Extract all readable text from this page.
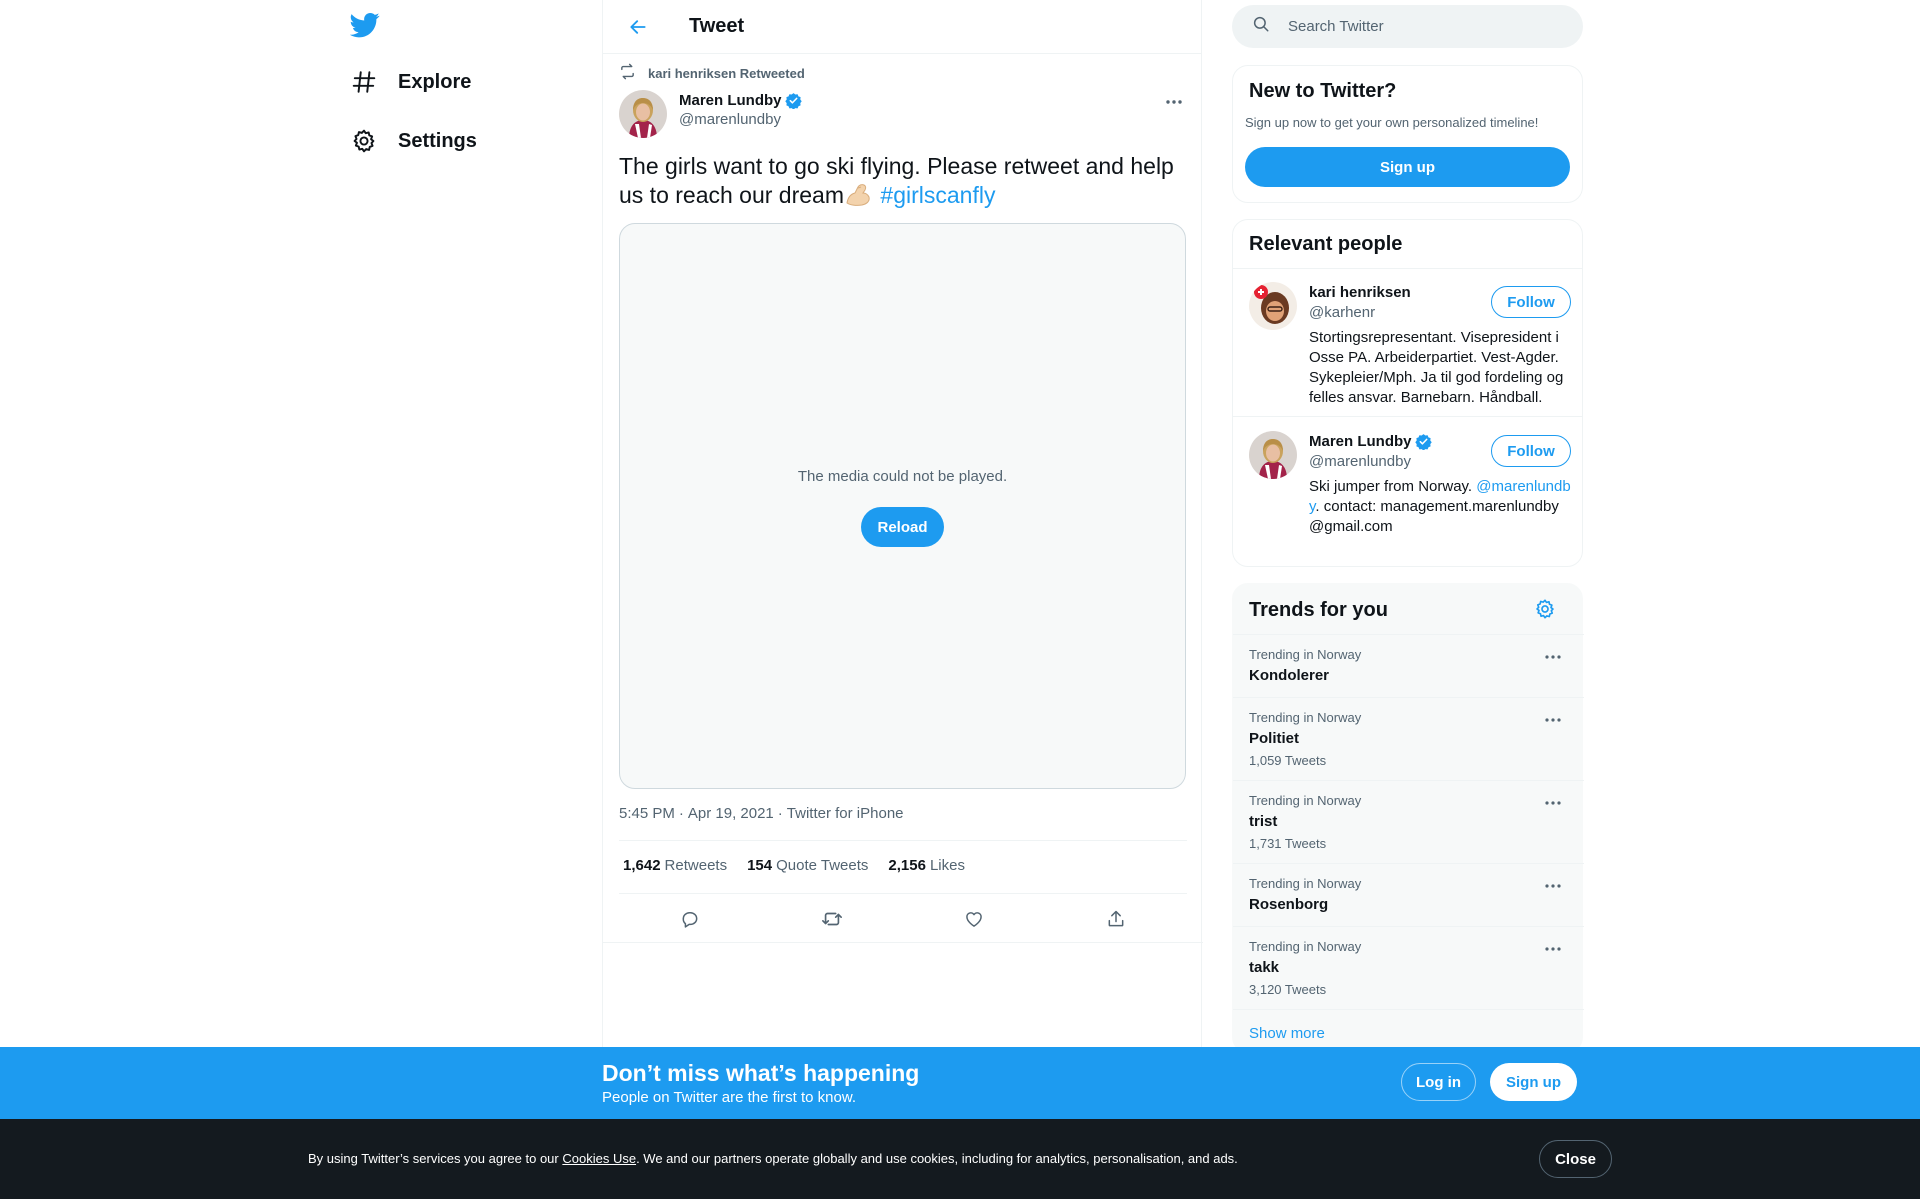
Explore
Settings
Tweet
kari henriksen Retweeted
Maren Lundby
@marenlundby
The girls want to go ski flying. Please retweet and help us to reach our dream #girlscanfly
The media could not be played.
Reload
5:45 PM · Apr 19, 2021 · Twitter for iPhone
1,642 Retweets 154 Quote Tweets 2,156 Likes
Search Twitter
New to Twitter?
Sign up now to get your own personalized timeline!
Sign up
Relevant people
kari henriksen
@karhenr
Follow
Stortingsrepresentant. Visepresident i Osse PA. Arbeiderpartiet. Vest-Agder. Sykepleier/Mph. Ja til god fordeling og felles ansvar. Barnebarn. Håndball.
Maren Lundby
@marenlundby
Follow
Ski jumper from Norway. @marenlundby. contact: management.marenlundby@gmail.com
Trends for you
Trending in Norway
Kondolerer
Trending in Norway
Politiet
1,059 Tweets
Trending in Norway
trist
1,731 Tweets
Trending in Norway
Rosenborg
Trending in Norway
takk
3,120 Tweets
Show more
Don’t miss what’s happening
People on Twitter are the first to know.
Log in	Sign up
By using Twitter’s services you agree to our Cookies Use. We and our partners operate globally and use cookies, including for analytics, personalisation, and ads.	Close
